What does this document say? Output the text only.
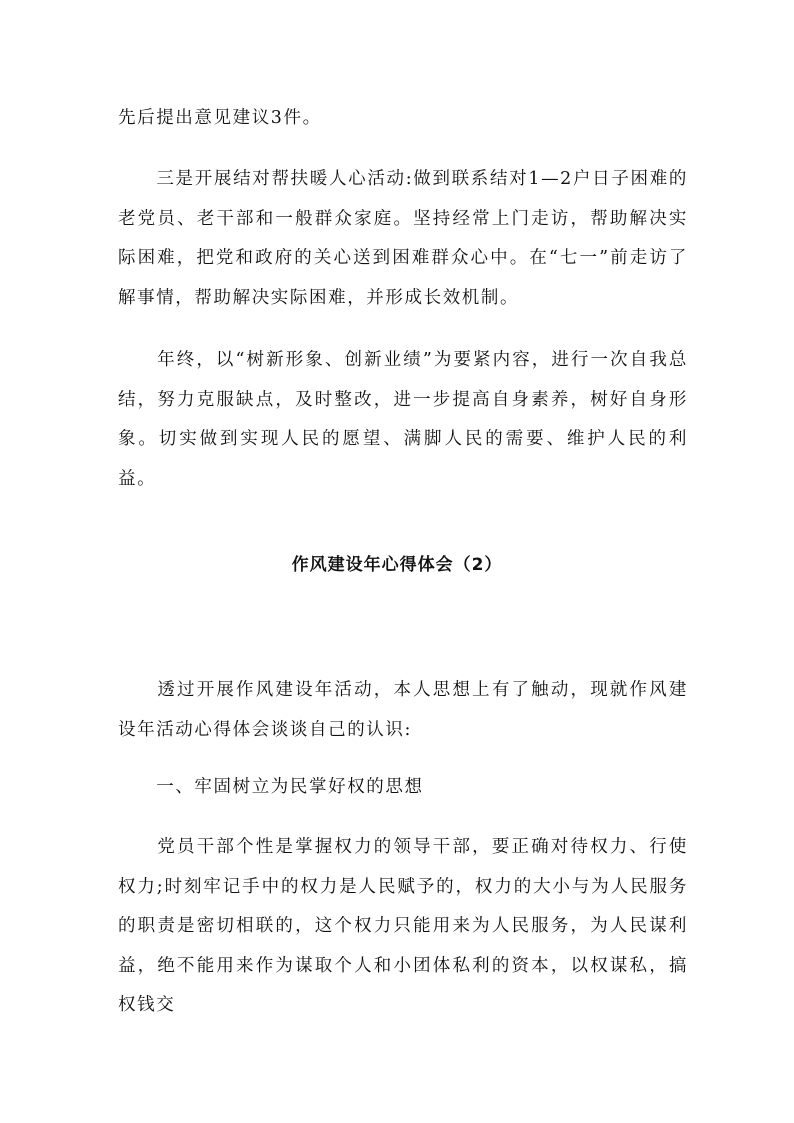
先后提出意见建议3件。

　　三是开展结对帮扶暖人心活动:做到联系结对1—2户日子困难的老党员、老干部和一般群众家庭。坚持经常上门走访，帮助解决实际困难，把党和政府的关心送到困难群众心中。在“七一”前走访了解事情，帮助解决实际困难，并形成长效机制。

　　年终，以“树新形象、创新业绩”为要紧内容，进行一次自我总结，努力克服缺点，及时整改，进一步提高自身素养，树好自身形象。切实做到实现人民的愿望、满脚人民的需要、维护人民的利益。

作风建设年心得体会（2）

　　透过开展作风建设年活动，本人思想上有了触动，现就作风建设年活动心得体会谈谈自己的认识:

　　一、牢固树立为民掌好权的思想

　　党员干部个性是掌握权力的领导干部，要正确对待权力、行使权力;时刻牢记手中的权力是人民赋予的，权力的大小与为人民服务的职责是密切相联的，这个权力只能用来为人民服务，为人民谋利益，绝不能用来作为谋取个人和小团体私利的资本，以权谋私，搞权钱交
